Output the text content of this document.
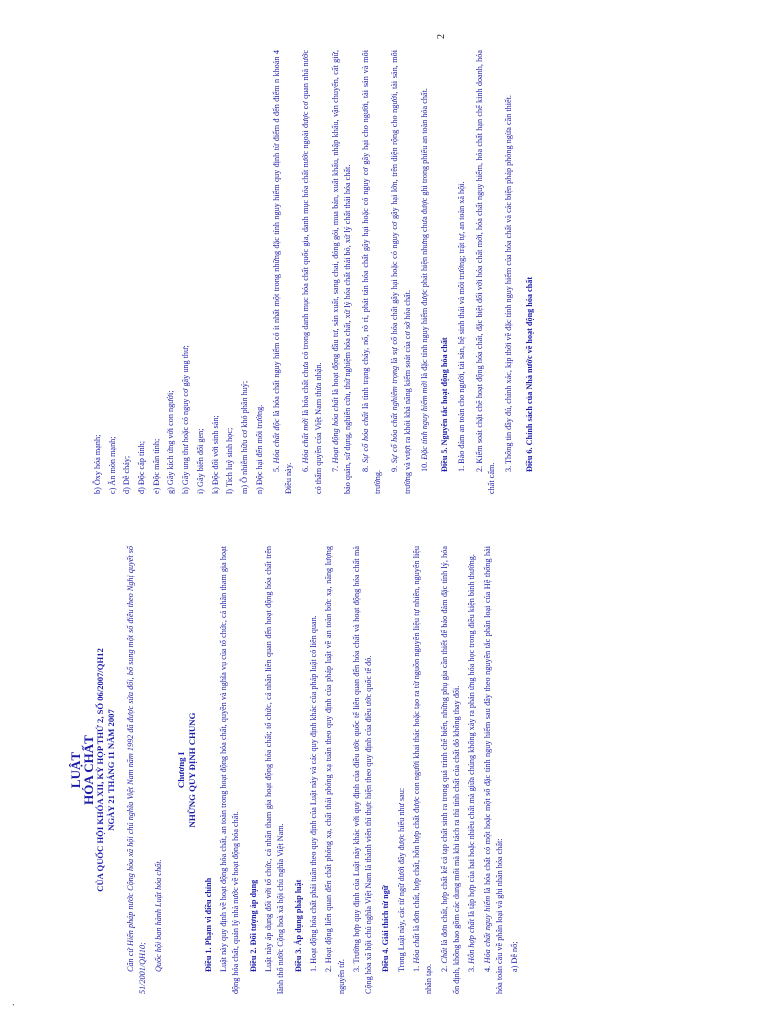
.
2
LUẬT
HÓA CHẤT CỦA QUỐC HỘI KHÓA XII, KỲ HỌP THỨ 2, SỐ 06/2007/QH12 NGÀY 21 THÁNG 11 NĂM 2007 Căn cứ Hiến pháp nước Cộng hòa xã hội chủ nghĩa Việt Nam năm 1992 đã được sửa đổi, bổ sung một số điều theo Nghị quyết số 51/2001/QH10; Quốc hội ban hành Luật hóa chất.

Chương I NHỮNG QUY ĐỊNH CHUNG

Điều 1. Phạm vi điều chỉnh Luật này quy định về hoạt động hóa chất, an toàn trong hoạt động hóa chất, quyền và nghĩa vụ của tổ chức, cá nhân tham gia hoạt động hóa chất, quản lý nhà nước về hoạt động hóa chất. Điều 2. Đối tượng áp dụng Luật này áp dụng đối với tổ chức, cá nhân tham gia hoạt động hóa chất; tổ chức, cá nhân liên quan đến hoạt động hóa chất trên lãnh thổ nước Cộng hoà xã hội chủ nghĩa Việt Nam. Điều 3. Áp dụng pháp luật 1. Hoạt động hóa chất phải tuân theo quy định của Luật này và các quy định khác của pháp luật có liên quan. 2. Hoạt động liên quan đến chất phóng xạ, chất thải phóng xạ tuân theo quy định của pháp luật về an toàn bức xạ, năng lượng nguyên tử.

3. Trường hợp quy định của Luật này khác với quy định của điều ước quốc tế liên quan đến hóa chất và hoạt động hóa chất mà Cộng hòa xã hội chủ nghĩa Việt Nam là thành viên thì thực hiện theo quy định của điều ước quốc tế đó. Điều 4. Giải thích từ ngữ Trong Luật này, các từ ngữ dưới đây được hiểu như sau: 1. Hóa chất là đơn chất, hợp chất, hỗn hợp chất được con người khai thác hoặc tạo ra từ nguồn nguyên liệu tự nhiên, nguyên liệu nhân tạo. 2. Chất là đơn chất, hợp chất kể cả tạp chất sinh ra trong quá trình chế biến, những phụ gia cần thiết để bảo đảm đặc tính lý, hóa ổn định, không bao gồm các dung môi mà khi tách ra thì tính chất của chất đó không thay đổi. 3. Hỗn hợp chất là tập hợp của hai hoặc nhiều chất mà giữa chúng không xảy ra phản ứng hóa học trong điều kiện bình thường.

4. Hóa chất nguy hiểm là hóa chất có một hoặc một số đặc tính nguy hiểm sau đây theo nguyên tắc phân loại của Hệ thống hài hòa toàn cầu về phân loại và ghi nhãn hóa chất: a) Dễ nổ;

b) Ôxy hóa mạnh; c) Ăn mòn mạnh; d) Dễ cháy; đ) Độc cấp tính; e) Độc mãn tính; g) Gây kích ứng với con người; h) Gây ung thư hoặc có nguy cơ gây ung thư; i) Gây biến đổi gen; k) Độc đối với sinh sản; l) Tích luỹ sinh học; m) Ô nhiễm hữu cơ khó phân huỷ; n) Độc hại đến môi trường. 5. Hóa chất độc là hóa chất nguy hiểm có ít nhất một trong những đặc tính nguy hiểm quy định từ điểm đ đến điểm n khoản 4 Điều này. 6. Hóa chất mới là hóa chất chưa có trong danh mục hóa chất quốc gia, danh mục hóa chất nước ngoài được cơ quan nhà nước có thẩm quyền của Việt Nam thừa nhận. 7. Hoạt động hóa chất là hoạt động đầu tư, sản xuất, sang chai, đóng gói, mua bán, xuất khẩu, nhập khẩu, vận chuyển, cất giữ, bảo quản, sử dụng, nghiên cứu, thử nghiệm hóa chất, xử lý hóa chất thải bỏ, xử lý chất thải hóa chất. 8. Sự cố hóa chất là tình trạng cháy, nổ, rò rỉ, phát tán hóa chất gây hại hoặc có nguy cơ gây hại cho người, tài sản và môi trường.

9. Sự cố hóa chất nghiêm trọng là sự cố hóa chất gây hại hoặc có nguy cơ gây hại lớn, trên diện rộng cho người, tài sản, môi trường và vượt ra khỏi khả năng kiểm soát của cơ sở hóa chất. 10. Đặc tính nguy hiểm mới là đặc tính nguy hiểm được phát hiện nhưng chưa được ghi trong phiếu an toàn hóa chất.

Điều 5. Nguyên tắc hoạt động hóa chất 1. Bảo đảm an toàn cho người, tài sản, hệ sinh thái và môi trường; trật tự, an toàn xã hội. 2. Kiểm soát chặt chẽ hoạt động hóa chất, đặc biệt đối với hóa chất mới, hóa chất nguy hiểm, hóa chất hạn chế kinh doanh, hóa chất cấm.

3. Thông tin đầy đủ, chính xác, kịp thời về đặc tính nguy hiểm của hóa chất và các biện pháp phòng ngừa cần thiết. Điều 6. Chính sách của Nhà nước về hoạt động hóa chất
